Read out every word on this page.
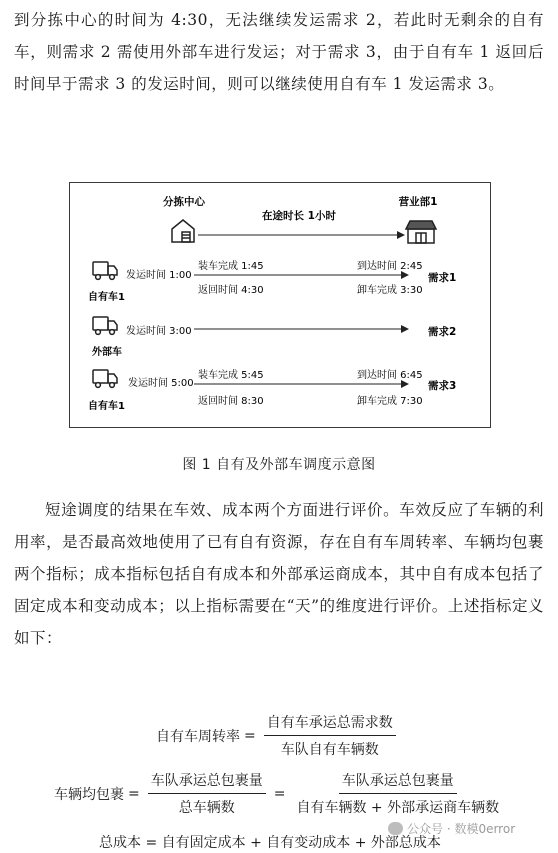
到分拣中心的时间为 4:30，无法继续发运需求 2，若此时无剩余的自有车，则需求 2 需使用外部车进行发运；对于需求 3，由于自有车 1 返回后时间早于需求 3 的发运时间，则可以继续使用自有车 1 发运需求 3。

分拣中心	营业部1
在途时长 1小时
自有车1
发运时间 1:00
装车完成 1:45	到达时间 2:45
返回时间 4:30	卸车完成 3:30
需求1
外部车
发运时间 3:00	需求2
自有车1
发运时间 5:00
装车完成 5:45	到达时间 6:45
返回时间 8:30	卸车完成 7:30
需求3
图 1 自有及外部车调度示意图

短途调度的结果在车效、成本两个方面进行评价。车效反应了车辆的利用率，是否最高效地使用了已有自有资源，存在自有车周转率、车辆均包裹两个指标；成本指标包括自有成本和外部承运商成本，其中自有成本包括了固定成本和变动成本；以上指标需要在“天”的维度进行评价。上述指标定义如下：

自有车周转率 = $\frac{\text{自有车承运总需求数}}{\text{车队自有车辆数}}$
车辆均包裹 = $\frac{\text{车队承运总包裹量}}{\text{总车辆数}} = \frac{\text{车队承运总包裹量}}{\text{自有车辆数 + 外部承运商车辆数}}$
总成本 = 自有固定成本 + 自有变动成本 + 外部总成本
公众号 · 数模0error
